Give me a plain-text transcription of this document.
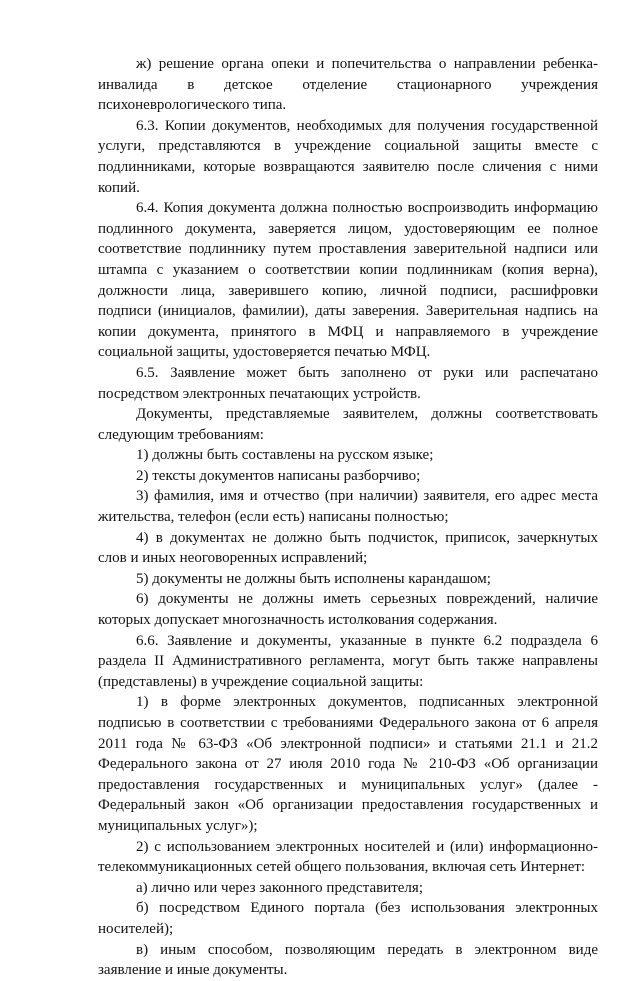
ж) решение органа опеки и попечительства о направлении ребенка-инвалида в детское отделение стационарного учреждения психоневрологического типа.

6.3. Копии документов, необходимых для получения государственной услуги, представляются в учреждение социальной защиты вместе с подлинниками, которые возвращаются заявителю после сличения с ними копий.

6.4. Копия документа должна полностью воспроизводить информацию подлинного документа, заверяется лицом, удостоверяющим ее полное соответствие подлиннику путем проставления заверительной надписи или штампа с указанием о соответствии копии подлинникам (копия верна), должности лица, заверившего копию, личной подписи, расшифровки подписи (инициалов, фамилии), даты заверения. Заверительная надпись на копии документа, принятого в МФЦ и направляемого в учреждение социальной защиты, удостоверяется печатью МФЦ.

6.5. Заявление может быть заполнено от руки или распечатано посредством электронных печатающих устройств.

Документы, представляемые заявителем, должны соответствовать следующим требованиям:

1) должны быть составлены на русском языке;

2) тексты документов написаны разборчиво;

3) фамилия, имя и отчество (при наличии) заявителя, его адрес места жительства, телефон (если есть) написаны полностью;

4) в документах не должно быть подчисток, приписок, зачеркнутых слов и иных неоговоренных исправлений;

5) документы не должны быть исполнены карандашом;

6) документы не должны иметь серьезных повреждений, наличие которых допускает многозначность истолкования содержания.

6.6. Заявление и документы, указанные в пункте 6.2 подраздела 6 раздела II Административного регламента, могут быть также направлены (представлены) в учреждение социальной защиты:

1) в форме электронных документов, подписанных электронной подписью в соответствии с требованиями Федерального закона от 6 апреля 2011 года № 63-ФЗ «Об электронной подписи» и статьями 21.1 и 21.2 Федерального закона от 27 июля 2010 года № 210-ФЗ «Об организации предоставления государственных и муниципальных услуг» (далее - Федеральный закон «Об организации предоставления государственных и муниципальных услуг»);

2) с использованием электронных носителей и (или) информационно-телекоммуникационных сетей общего пользования, включая сеть Интернет:

а) лично или через законного представителя;

б) посредством Единого портала (без использования электронных носителей);

в) иным способом, позволяющим передать в электронном виде заявление и иные документы.
